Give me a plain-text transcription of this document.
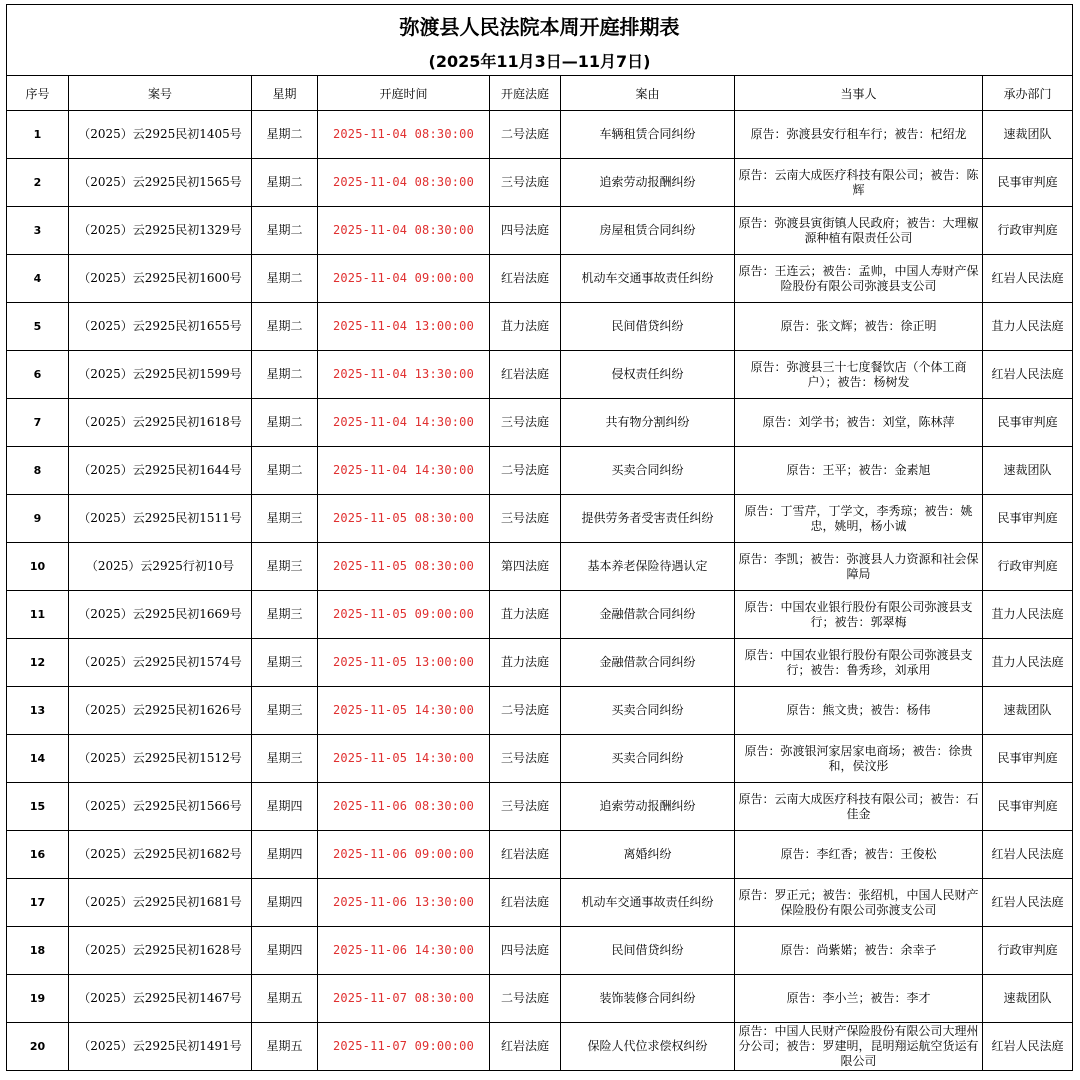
弥渡县人民法院本周开庭排期表							
(2025年11月3日—11月7日)							
序号	案号	星期	开庭时间	开庭法庭	案由	当事人	承办部门
1	（2025）云2925民初1405号	星期二	2025-11-04 08:30:00	二号法庭	车辆租赁合同纠纷	原告：弥渡县安行租车行；被告：杞绍龙	速裁团队
2	（2025）云2925民初1565号	星期二	2025-11-04 08:30:00	三号法庭	追索劳动报酬纠纷	原告：云南大成医疗科技有限公司；被告：陈辉	民事审判庭
3	（2025）云2925民初1329号	星期二	2025-11-04 08:30:00	四号法庭	房屋租赁合同纠纷	原告：弥渡县寅街镇人民政府；被告：大理椒源种植有限责任公司	行政审判庭
4	（2025）云2925民初1600号	星期二	2025-11-04 09:00:00	红岩法庭	机动车交通事故责任纠纷	原告：王连云；被告：孟帅，中国人寿财产保险股份有限公司弥渡县支公司	红岩人民法庭
5	（2025）云2925民初1655号	星期二	2025-11-04 13:00:00	苴力法庭	民间借贷纠纷	原告：张文辉；被告：徐正明	苴力人民法庭
6	（2025）云2925民初1599号	星期二	2025-11-04 13:30:00	红岩法庭	侵权责任纠纷	原告：弥渡县三十七度餐饮店（个体工商户）；被告：杨树发	红岩人民法庭
7	（2025）云2925民初1618号	星期二	2025-11-04 14:30:00	三号法庭	共有物分割纠纷	原告：刘学书；被告：刘堂，陈林萍	民事审判庭
8	（2025）云2925民初1644号	星期二	2025-11-04 14:30:00	二号法庭	买卖合同纠纷	原告：王平；被告：金素旭	速裁团队
9	（2025）云2925民初1511号	星期三	2025-11-05 08:30:00	三号法庭	提供劳务者受害责任纠纷	原告：丁雪芹，丁学文，李秀琼；被告：姚忠，姚明，杨小诚	民事审判庭
10	（2025）云2925行初10号	星期三	2025-11-05 08:30:00	第四法庭	基本养老保险待遇认定	原告：李凯；被告：弥渡县人力资源和社会保障局	行政审判庭
11	（2025）云2925民初1669号	星期三	2025-11-05 09:00:00	苴力法庭	金融借款合同纠纷	原告：中国农业银行股份有限公司弥渡县支行；被告：郭翠梅	苴力人民法庭
12	（2025）云2925民初1574号	星期三	2025-11-05 13:00:00	苴力法庭	金融借款合同纠纷	原告：中国农业银行股份有限公司弥渡县支行；被告：鲁秀珍，刘承用	苴力人民法庭
13	（2025）云2925民初1626号	星期三	2025-11-05 14:30:00	二号法庭	买卖合同纠纷	原告：熊文贵；被告：杨伟	速裁团队
14	（2025）云2925民初1512号	星期三	2025-11-05 14:30:00	三号法庭	买卖合同纠纷	原告：弥渡银河家居家电商场；被告：徐贵和，侯汶彤	民事审判庭
15	（2025）云2925民初1566号	星期四	2025-11-06 08:30:00	三号法庭	追索劳动报酬纠纷	原告：云南大成医疗科技有限公司；被告：石佳金	民事审判庭
16	（2025）云2925民初1682号	星期四	2025-11-06 09:00:00	红岩法庭	离婚纠纷	原告：李红香；被告：王俊松	红岩人民法庭
17	（2025）云2925民初1681号	星期四	2025-11-06 13:30:00	红岩法庭	机动车交通事故责任纠纷	原告：罗正元；被告：张绍机，中国人民财产保险股份有限公司弥渡支公司	红岩人民法庭
18	（2025）云2925民初1628号	星期四	2025-11-06 14:30:00	四号法庭	民间借贷纠纷	原告：尚紫婼；被告：余幸子	行政审判庭
19	（2025）云2925民初1467号	星期五	2025-11-07 08:30:00	二号法庭	装饰装修合同纠纷	原告：李小兰；被告：李才	速裁团队
20	（2025）云2925民初1491号	星期五	2025-11-07 09:00:00	红岩法庭	保险人代位求偿权纠纷	原告：中国人民财产保险股份有限公司大理州分公司；被告：罗建明，昆明翔运航空货运有限公司	红岩人民法庭
